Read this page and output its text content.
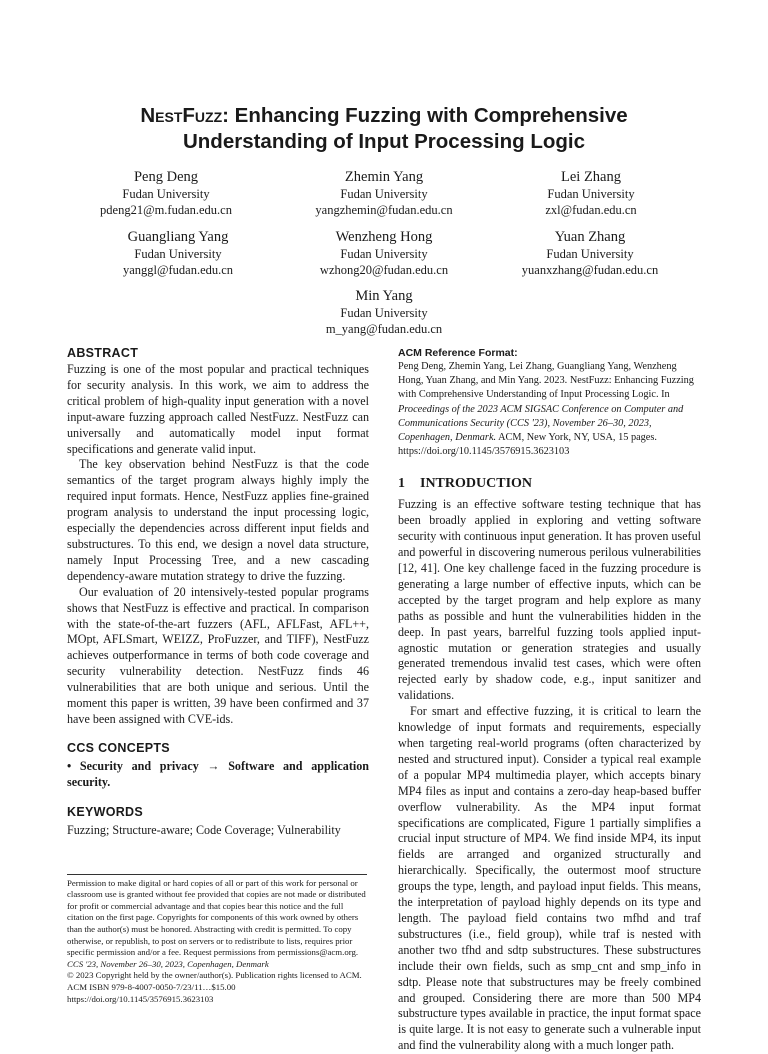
NestFuzz: Enhancing Fuzzing with Comprehensive
Understanding of Input Processing Logic
Peng Deng
Fudan University
pdeng21@m.fudan.edu.cn
Zhemin Yang
Fudan University
yangzhemin@fudan.edu.cn
Lei Zhang
Fudan University
zxl@fudan.edu.cn
Guangliang Yang
Fudan University
yanggl@fudan.edu.cn
Wenzheng Hong
Fudan University
wzhong20@fudan.edu.cn
Yuan Zhang
Fudan University
yuanxzhang@fudan.edu.cn
Min Yang
Fudan University
m_yang@fudan.edu.cn
ABSTRACT

Fuzzing is one of the most popular and practical techniques for security analysis. In this work, we aim to address the critical problem of high-quality input generation with a novel input-aware fuzzing approach called NestFuzz. NestFuzz can universally and automatically model input format specifications and generate valid input.

The key observation behind NestFuzz is that the code semantics of the target program always highly imply the required input formats. Hence, NestFuzz applies fine-grained program analysis to understand the input processing logic, especially the dependencies across different input fields and substructures. To this end, we design a novel data structure, namely Input Processing Tree, and a new cascading dependency-aware mutation strategy to drive the fuzzing.

Our evaluation of 20 intensively-tested popular programs shows that NestFuzz is effective and practical. In comparison with the state-of-the-art fuzzers (AFL, AFLFast, AFL++, MOpt, AFLSmart, WEIZZ, ProFuzzer, and TIFF), NestFuzz achieves outperformance in terms of both code coverage and security vulnerability detection. NestFuzz finds 46 vulnerabilities that are both unique and serious. Until the moment this paper is written, 39 have been confirmed and 37 have been assigned with CVE-ids.

CCS CONCEPTS

• Security and privacy → Software and application security.

KEYWORDS

Fuzzing; Structure-aware; Code Coverage; Vulnerability

Permission to make digital or hard copies of all or part of this work for personal or classroom use is granted without fee provided that copies are not made or distributed for profit or commercial advantage and that copies bear this notice and the full citation on the first page. Copyrights for components of this work owned by others than the author(s) must be honored. Abstracting with credit is permitted. To copy otherwise, or republish, to post on servers or to redistribute to lists, requires prior specific permission and/or a fee. Request permissions from permissions@acm.org.

CCS '23, November 26–30, 2023, Copenhagen, Denmark

© 2023 Copyright held by the owner/author(s). Publication rights licensed to ACM.

ACM ISBN 979-8-4007-0050-7/23/11…$15.00

https://doi.org/10.1145/3576915.3623103

ACM Reference Format:
Peng Deng, Zhemin Yang, Lei Zhang, Guangliang Yang, Wenzheng Hong, Yuan Zhang, and Min Yang. 2023. NestFuzz: Enhancing Fuzzing with Comprehensive Understanding of Input Processing Logic. In Proceedings of the 2023 ACM SIGSAC Conference on Computer and Communications Security (CCS '23), November 26–30, 2023, Copenhagen, Denmark. ACM, New York, NY, USA, 15 pages. https://doi.org/10.1145/3576915.3623103
1 INTRODUCTION

Fuzzing is an effective software testing technique that has been broadly applied in exploring and vetting software security with continuous input generation. It has proven useful and powerful in discovering numerous perilous vulnerabilities [12, 41]. One key challenge faced in the fuzzing procedure is generating a large number of effective inputs, which can be accepted by the target program and help explore as many paths as possible and hunt the vulnerabilities hidden in the deep. In past years, barrelful fuzzing tools applied input-agnostic mutation or generation strategies and usually generated tremendous invalid test cases, which were often rejected early by shadow code, e.g., input sanitizer and validations.

For smart and effective fuzzing, it is critical to learn the knowledge of input formats and requirements, especially when targeting real-world programs (often characterized by nested and structured input). Consider a typical real example of a popular MP4 multimedia player, which accepts binary MP4 files as input and contains a zero-day heap-based buffer overflow vulnerability. As the MP4 input format specifications are complicated, Figure 1 partially simplifies a crucial input structure of MP4. We find inside MP4, its input fields are arranged and organized structurally and hierarchically. Specifically, the outermost moof structure groups the type, length, and payload input fields. This means, the interpretation of payload highly depends on its type and length. The payload field contains two mfhd and traf substructures (i.e., field group), while traf is nested with another two tfhd and sdtp substructures. These substructures include their own fields, such as smp_cnt and smp_info in sdtp. Please note that substructures may be freely combined and grouped. Considering there are more than 500 MP4 substructure types available in practice, the input format space is quite large. It is not easy to generate such a vulnerable input and find the vulnerability along with a much longer path.
